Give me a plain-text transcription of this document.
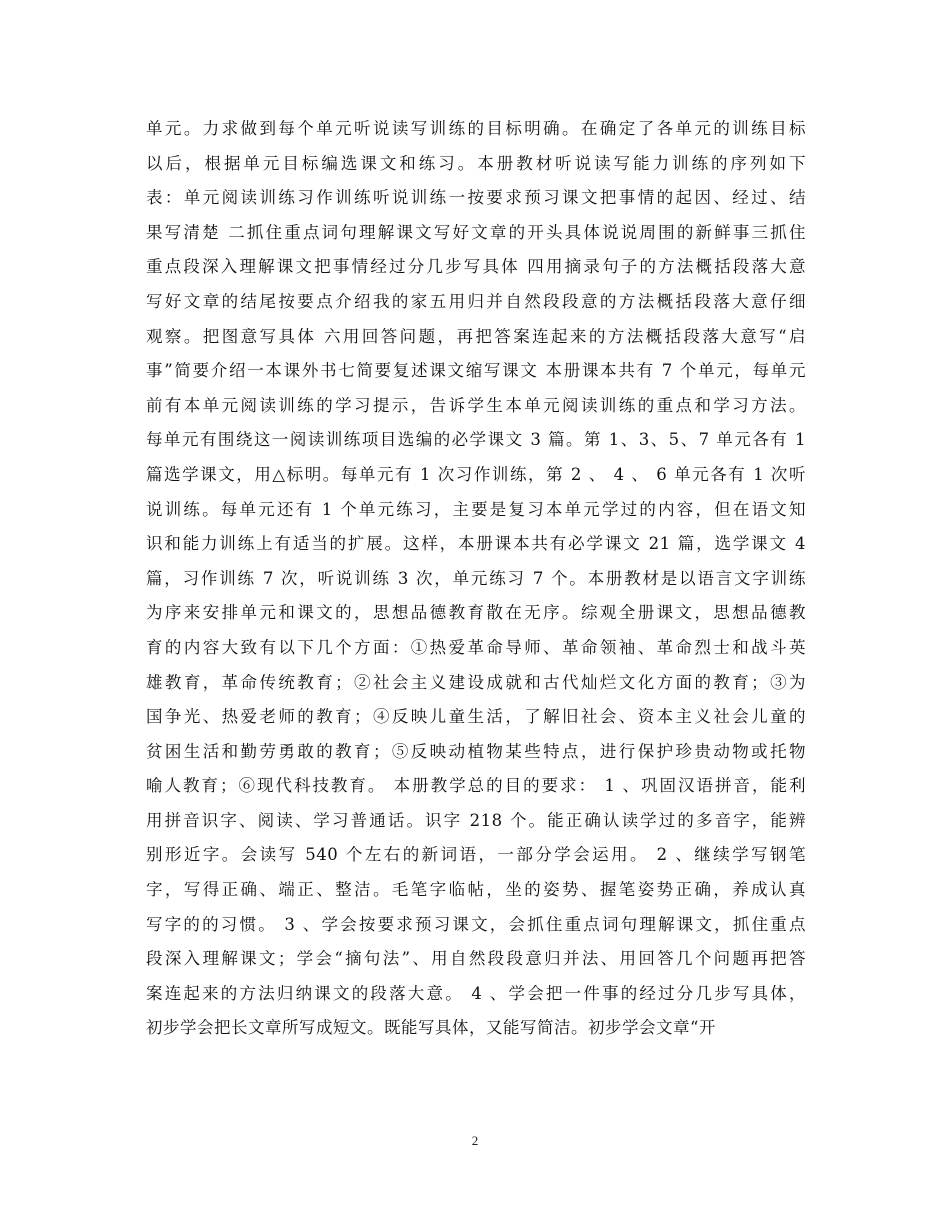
单元。力求做到每个单元听说读写训练的目标明确。在确定了各单元的训练目标
以后，根据单元目标编选课文和练习。本册教材听说读写能力训练的序列如下
表：单元阅读训练习作训练听说训练一按要求预习课文把事情的起因、经过、结
果写清楚 二抓住重点词句理解课文写好文章的开头具体说说周围的新鲜事三抓住
重点段深入理解课文把事情经过分几步写具体 四用摘录句子的方法概括段落大意
写好文章的结尾按要点介绍我的家五用归并自然段段意的方法概括段落大意仔细
观察。把图意写具体 六用回答问题，再把答案连起来的方法概括段落大意写“启
事”简要介绍一本课外书七简要复述课文缩写课文 本册课本共有 7 个单元，每单元
前有本单元阅读训练的学习提示，告诉学生本单元阅读训练的重点和学习方法。
每单元有围绕这一阅读训练项目选编的必学课文 3 篇。第 1、3、5、7 单元各有 1
篇选学课文，用△标明。每单元有 1 次习作训练，第 2 、 4 、 6 单元各有 1 次听
说训练。每单元还有 1 个单元练习，主要是复习本单元学过的内容，但在语文知
识和能力训练上有适当的扩展。这样，本册课本共有必学课文 21 篇，选学课文 4
篇，习作训练 7 次，听说训练 3 次，单元练习 7 个。本册教材是以语言文字训练
为序来安排单元和课文的，思想品德教育散在无序。综观全册课文，思想品德教
育的内容大致有以下几个方面：①热爱革命导师、革命领袖、革命烈士和战斗英
雄教育，革命传统教育；②社会主义建设成就和古代灿烂文化方面的教育；③为
国争光、热爱老师的教育；④反映儿童生活，了解旧社会、资本主义社会儿童的
贫困生活和勤劳勇敢的教育；⑤反映动植物某些特点，进行保护珍贵动物或托物
喻人教育；⑥现代科技教育。 本册教学总的目的要求： 1 、巩固汉语拼音，能利
用拼音识字、阅读、学习普通话。识字 218 个。能正确认读学过的多音字，能辨
别形近字。会读写 540 个左右的新词语，一部分学会运用。 2 、继续学写钢笔
字，写得正确、端正、整洁。毛笔字临帖，坐的姿势、握笔姿势正确，养成认真
写字的的习惯。 3 、学会按要求预习课文，会抓住重点词句理解课文，抓住重点
段深入理解课文；学会“摘句法”、用自然段段意归并法、用回答几个问题再把答
案连起来的方法归纳课文的段落大意。 4 、学会把一件事的经过分几步写具体，
初步学会把长文章所写成短文。既能写具体，又能写简洁。初步学会文章“开
2
